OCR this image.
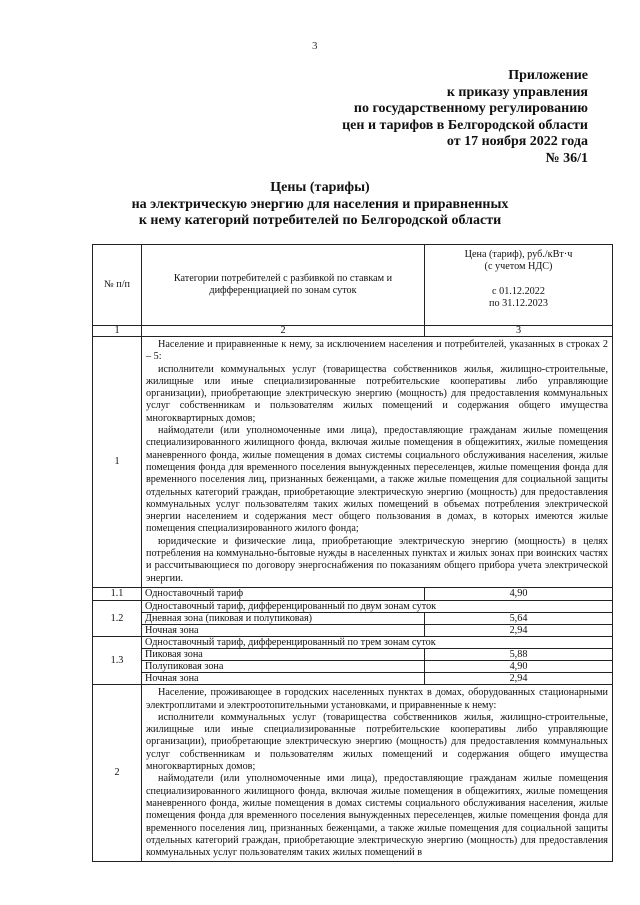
3
Приложение
к приказу управления
по государственному регулированию
цен и тарифов в Белгородской области
от 17 ноября 2022 года
№ 36/1
Цены (тарифы)
на электрическую энергию для населения и приравненных
к нему категорий потребителей по Белгородской области
№ п/п	Категории потребителей с разбивкой по ставкам и дифференциацией по зонам суток	Цена (тариф), руб./кВт·ч
(с учетом НДС)
с 01.12.2022
по 31.12.2023

1	2	3
1	Население и приравненные к нему, за исключением населения и потребителей, указанных в строках 2 – 5:

исполнители коммунальных услуг (товарищества собственников жилья, жилищно-строительные, жилищные или иные специализированные потребительские кооперативы либо управляющие организации), приобретающие электрическую энергию (мощность) для предоставления коммунальных услуг собственникам и пользователям жилых помещений и содержания общего имущества многоквартирных домов;

наймодатели (или уполномоченные ими лица), предоставляющие гражданам жилые помещения специализированного жилищного фонда, включая жилые помещения в общежитиях, жилые помещения маневренного фонда, жилые помещения в домах системы социального обслуживания населения, жилые помещения фонда для временного поселения вынужденных переселенцев, жилые помещения фонда для временного поселения лиц, признанных беженцами, а также жилые помещения для социальной защиты отдельных категорий граждан, приобретающие электрическую энергию (мощность) для предоставления коммунальных услуг пользователям таких жилых помещений в объемах потребления электрической энергии населением и содержания мест общего пользования в домах, в которых имеются жилые помещения специализированного жилого фонда;

юридические и физические лица, приобретающие электрическую энергию (мощность) в целях потребления на коммунально-бытовые нужды в населенных пунктах и жилых зонах при воинских частях и рассчитывающиеся по договору энергоснабжения по показаниям общего прибора учета электрической энергии.	

1.1	Одноставочный тариф	4,90
1.2	Одноставочный тариф, дифференцированный по двум зонам суток	
	Дневная зона (пиковая и полупиковая)	5,64
	Ночная зона	2,94
1.3	Одноставочный тариф, дифференцированный по трем зонам суток	
	Пиковая зона	5,88
	Полупиковая зона	4,90
	Ночная зона	2,94
2	Население, проживающее в городских населенных пунктах в домах, оборудованных стационарными электроплитами и электроотопительными установками, и приравненные к нему:

исполнители коммунальных услуг (товарищества собственников жилья, жилищно-строительные, жилищные или иные специализированные потребительские кооперативы либо управляющие организации), приобретающие электрическую энергию (мощность) для предоставления коммунальных услуг собственникам и пользователям жилых помещений и содержания общего имущества многоквартирных домов;

наймодатели (или уполномоченные ими лица), предоставляющие гражданам жилые помещения специализированного жилищного фонда, включая жилые помещения в общежитиях, жилые помещения маневренного фонда, жилые помещения в домах системы социального обслуживания населения, жилые помещения фонда для временного поселения вынужденных переселенцев, жилые помещения фонда для временного поселения лиц, признанных беженцами, а также жилые помещения для социальной защиты отдельных категорий граждан, приобретающие электрическую энергию (мощность) для предоставления коммунальных услуг пользователям таких жилых помещений в	
